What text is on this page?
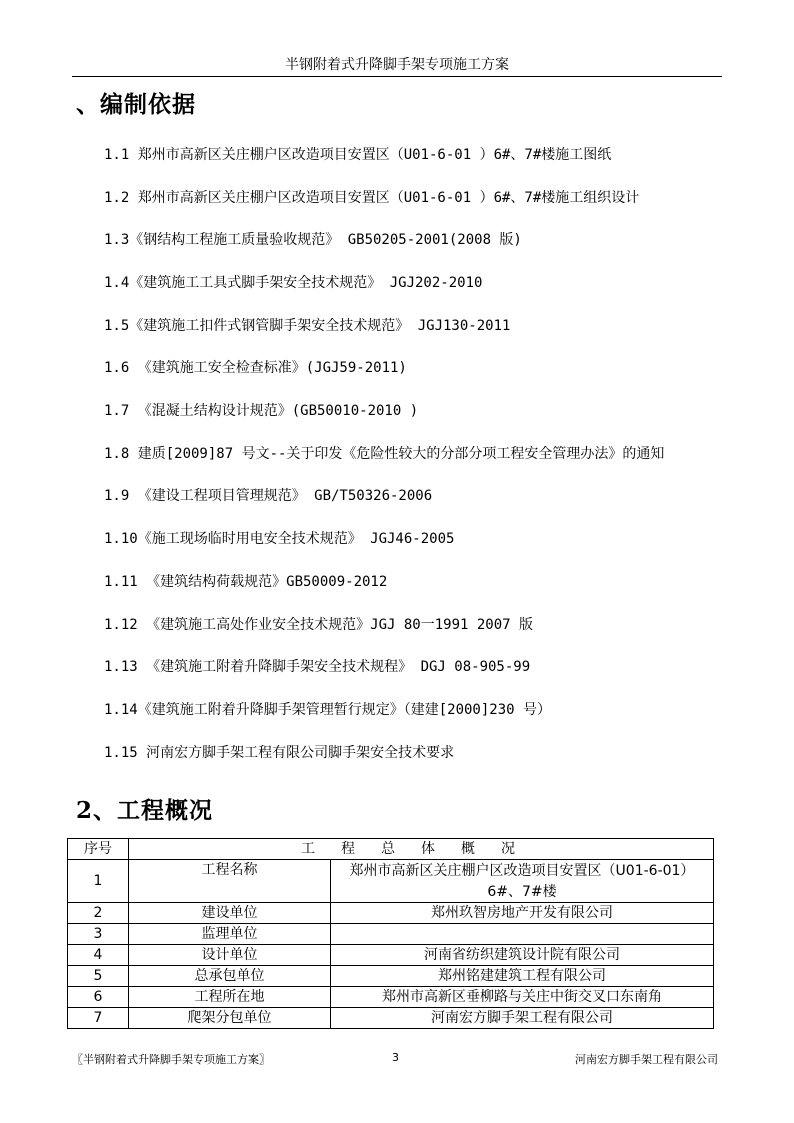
半钢附着式升降脚手架专项施工方案
、编制依据
1.1 郑州市高新区关庄棚户区改造项目安置区（U01-6-01 ）6#、7#楼施工图纸
1.2 郑州市高新区关庄棚户区改造项目安置区（U01-6-01 ）6#、7#楼施工组织设计
1.3《钢结构工程施工质量验收规范》 GB50205-2001(2008 版)
1.4《建筑施工工具式脚手架安全技术规范》 JGJ202-2010
1.5《建筑施工扣件式钢管脚手架安全技术规范》 JGJ130-2011
1.6 《建筑施工安全检查标准》(JGJ59-2011)
1.7 《混凝土结构设计规范》(GB50010-2010 )
1.8 建质[2009]87 号文--关于印发《危险性较大的分部分项工程安全管理办法》的通知
1.9 《建设工程项目管理规范》 GB/T50326-2006
1.10《施工现场临时用电安全技术规范》 JGJ46-2005
1.11 《建筑结构荷载规范》GB50009-2012
1.12 《建筑施工高处作业安全技术规范》JGJ 80一1991 2007 版
1.13 《建筑施工附着升降脚手架安全技术规程》 DGJ 08-905-99
1.14《建筑施工附着升降脚手架管理暂行规定》（建建[2000]230 号）
1.15 河南宏方脚手架工程有限公司脚手架安全技术要求
2、工程概况
序号	工程总体概况	
1	工程名称	郑州市高新区关庄棚户区改造项目安置区（U01-6-01）
		6#、7#楼
2	建设单位	郑州玖智房地产开发有限公司
3	监理单位	
4	设计单位	河南省纺织建筑设计院有限公司
5	总承包单位	郑州铭建建筑工程有限公司
6	工程所在地	郑州市高新区垂柳路与关庄中街交叉口东南角
7	爬架分包单位	河南宏方脚手架工程有限公司
〖半钢附着式升降脚手架专项施工方案〗	3	河南宏方脚手架工程有限公司
